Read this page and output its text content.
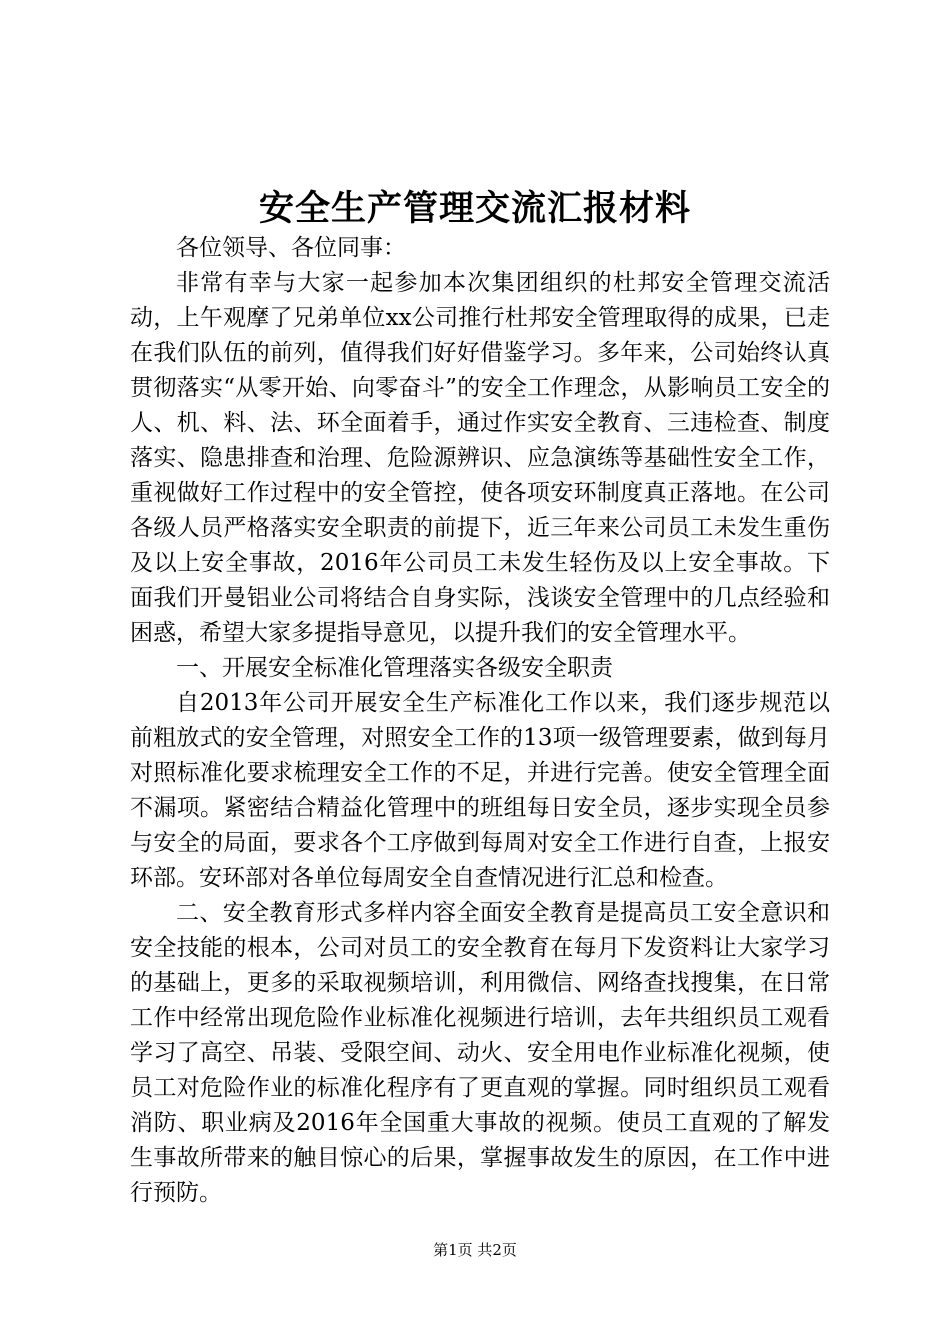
安全生产管理交流汇报材料

各位领导、各位同事：

非常有幸与大家一起参加本次集团组织的杜邦安全管理交流活动，上午观摩了兄弟单位xx公司推行杜邦安全管理取得的成果，已走在我们队伍的前列，值得我们好好借鉴学习。多年来，公司始终认真贯彻落实“从零开始、向零奋斗”的安全工作理念，从影响员工安全的人、机、料、法、环全面着手，通过作实安全教育、三违检查、制度落实、隐患排查和治理、危险源辨识、应急演练等基础性安全工作，重视做好工作过程中的安全管控，使各项安环制度真正落地。在公司各级人员严格落实安全职责的前提下，近三年来公司员工未发生重伤及以上安全事故，2016年公司员工未发生轻伤及以上安全事故。下面我们开曼铝业公司将结合自身实际，浅谈安全管理中的几点经验和困惑，希望大家多提指导意见，以提升我们的安全管理水平。

一、开展安全标准化管理落实各级安全职责

自2013年公司开展安全生产标准化工作以来，我们逐步规范以前粗放式的安全管理，对照安全工作的13项一级管理要素，做到每月对照标准化要求梳理安全工作的不足，并进行完善。使安全管理全面不漏项。紧密结合精益化管理中的班组每日安全员，逐步实现全员参与安全的局面，要求各个工序做到每周对安全工作进行自查，上报安环部。安环部对各单位每周安全自查情况进行汇总和检查。

二、安全教育形式多样内容全面安全教育是提高员工安全意识和安全技能的根本，公司对员工的安全教育在每月下发资料让大家学习的基础上，更多的采取视频培训，利用微信、网络查找搜集，在日常工作中经常出现危险作业标准化视频进行培训，去年共组织员工观看学习了高空、吊装、受限空间、动火、安全用电作业标准化视频，使员工对危险作业的标准化程序有了更直观的掌握。同时组织员工观看消防、职业病及2016年全国重大事故的视频。使员工直观的了解发生事故所带来的触目惊心的后果，掌握事故发生的原因，在工作中进行预防。

第1页 共2页
